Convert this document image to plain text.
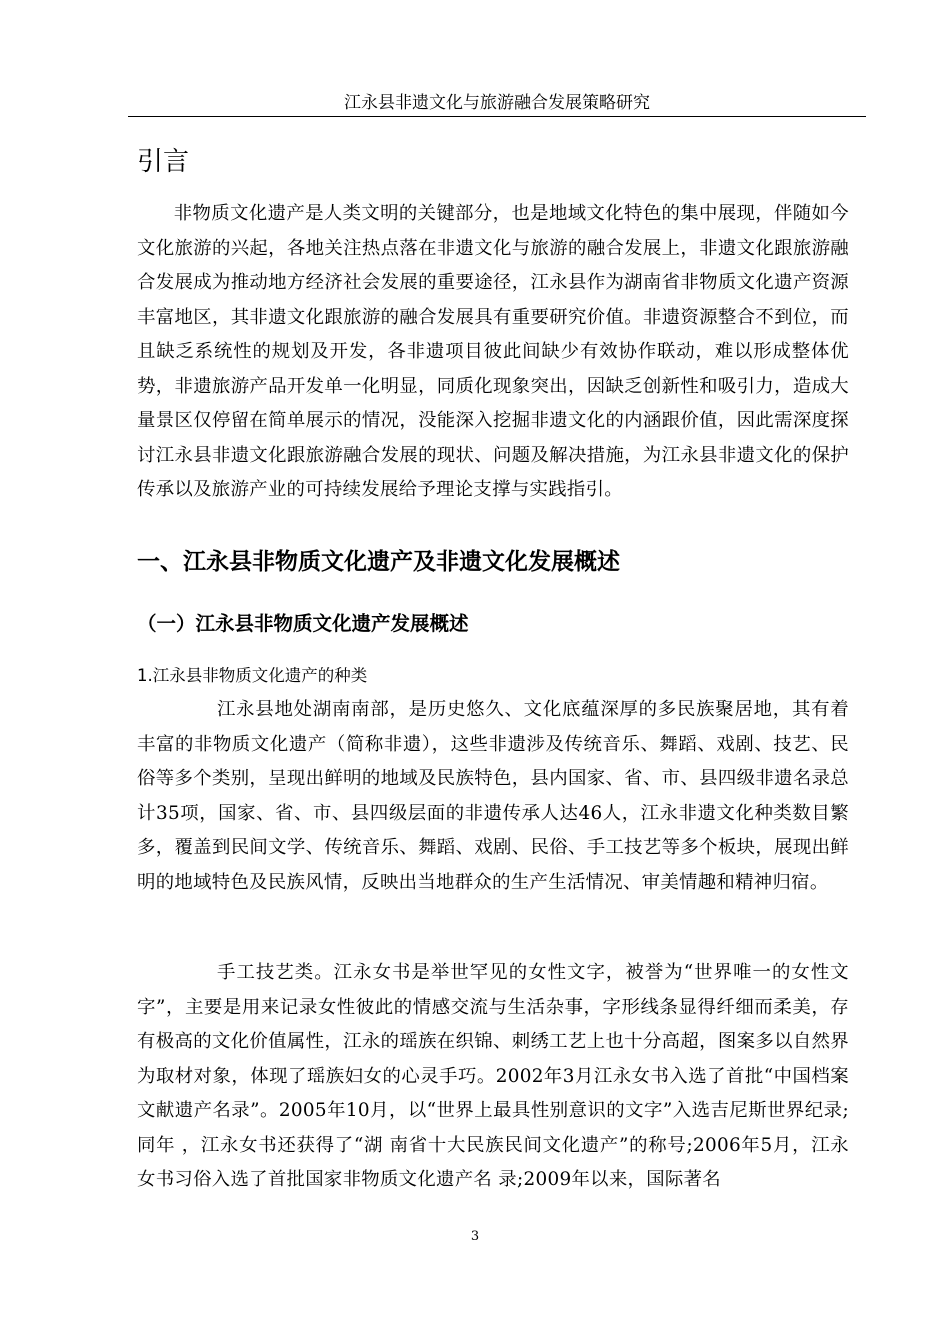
江永县非遗文化与旅游融合发展策略研究
引言

非物质文化遗产是人类文明的关键部分，也是地域文化特色的集中展现，伴随如今文化旅游的兴起，各地关注热点落在非遗文化与旅游的融合发展上，非遗文化跟旅游融合发展成为推动地方经济社会发展的重要途径，江永县作为湖南省非物质文化遗产资源丰富地区，其非遗文化跟旅游的融合发展具有重要研究价值。非遗资源整合不到位，而且缺乏系统性的规划及开发，各非遗项目彼此间缺少有效协作联动，难以形成整体优势，非遗旅游产品开发单一化明显，同质化现象突出，因缺乏创新性和吸引力，造成大量景区仅停留在简单展示的情况，没能深入挖掘非遗文化的内涵跟价值，因此需深度探讨江永县非遗文化跟旅游融合发展的现状、问题及解决措施，为江永县非遗文化的保护传承以及旅游产业的可持续发展给予理论支撑与实践指引。

一、江永县非物质文化遗产及非遗文化发展概述
（一）江永县非物质文化遗产发展概述
1.江永县非物质文化遗产的种类

江永县地处湖南南部，是历史悠久、文化底蕴深厚的多民族聚居地，其有着丰富的非物质文化遗产（简称非遗），这些非遗涉及传统音乐、舞蹈、戏剧、技艺、民俗等多个类别，呈现出鲜明的地域及民族特色，县内国家、省、市、县四级非遗名录总计35项，国家、省、市、县四级层面的非遗传承人达46人，江永非遗文化种类数目繁多，覆盖到民间文学、传统音乐、舞蹈、戏剧、民俗、手工技艺等多个板块，展现出鲜明的地域特色及民族风情，反映出当地群众的生产生活情况、审美情趣和精神归宿。

手工技艺类。江永女书是举世罕见的女性文字，被誉为“世界唯一的女性文字”，主要是用来记录女性彼此的情感交流与生活杂事，字形线条显得纤细而柔美，存有极高的文化价值属性，江永的瑶族在织锦、刺绣工艺上也十分高超，图案多以自然界为取材对象，体现了瑶族妇女的心灵手巧。2002年3月江永女书入选了首批“中国档案文献遗产名录”。2005年10月，以“世界上最具性别意识的文字”入选吉尼斯世界纪录;同年 ，江永女书还获得了“湖 南省十大民族民间文化遗产”的称号;2006年5月，江永女书习俗入选了首批国家非物质文化遗产名 录;2009年以来，国际著名

3
